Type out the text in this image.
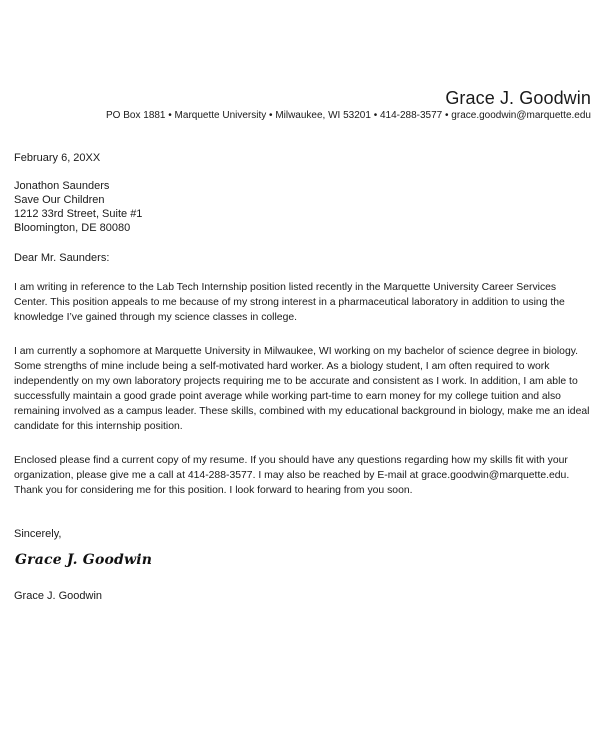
Grace J. Goodwin
PO Box 1881 • Marquette University • Milwaukee, WI 53201 • 414-288-3577 • grace.goodwin@marquette.edu
February 6, 20XX
Jonathon Saunders
Save Our Children
1212 33rd Street, Suite #1
Bloomington, DE 80080
Dear Mr. Saunders:
I am writing in reference to the Lab Tech Internship position listed recently in the Marquette University Career Services
Center. This position appeals to me because of my strong interest in a pharmaceutical laboratory in addition to using the
knowledge I’ve gained through my science classes in college.
I am currently a sophomore at Marquette University in Milwaukee, WI working on my bachelor of science degree in biology.
Some strengths of mine include being a self-motivated hard worker. As a biology student, I am often required to work
independently on my own laboratory projects requiring me to be accurate and consistent as I work. In addition, I am able to
successfully maintain a good grade point average while working part-time to earn money for my college tuition and also
remaining involved as a campus leader. These skills, combined with my educational background in biology, make me an ideal
candidate for this internship position.
Enclosed please find a current copy of my resume. If you should have any questions regarding how my skills fit with your
organization, please give me a call at 414-288-3577. I may also be reached by E-mail at grace.goodwin@marquette.edu.
Thank you for considering me for this position. I look forward to hearing from you soon.
Sincerely,
Grace J. Goodwin
Grace J. Goodwin
